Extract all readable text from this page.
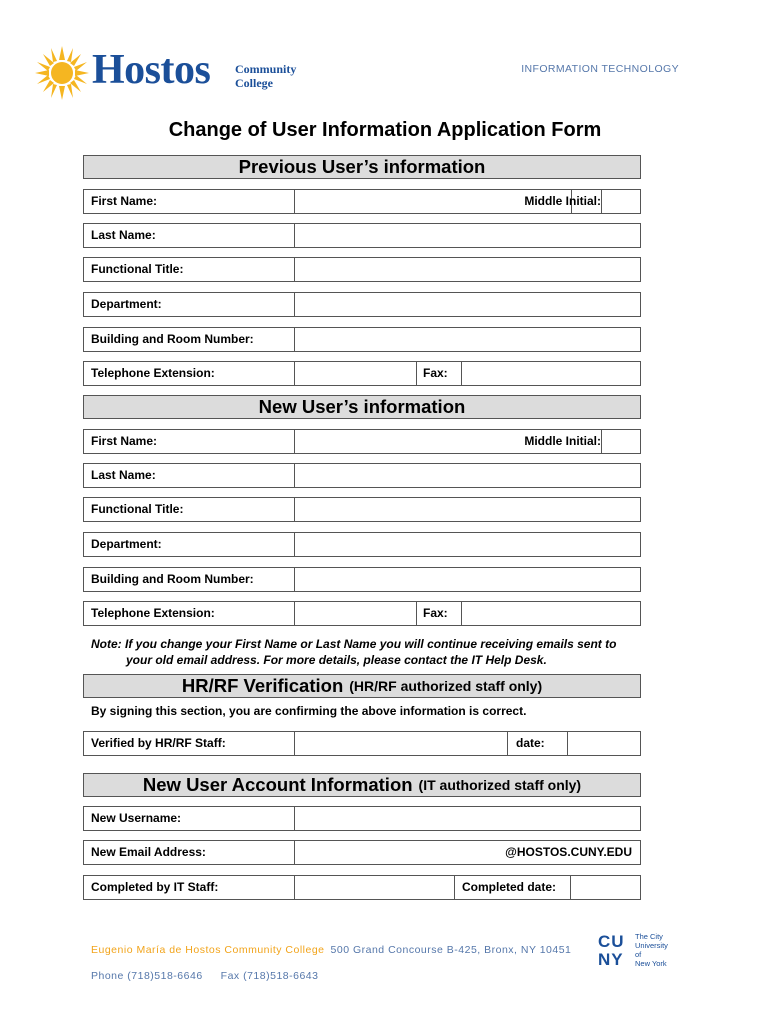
Hostos Community
College
INFORMATION TECHNOLOGY
Change of User Information Application Form
Previous User’s information
First Name:	Middle Initial:
Last Name:
Functional Title:
Department:
Building and Room Number:
Telephone Extension:	Fax:
New User’s information
First Name:	Middle Initial:
Last Name:
Functional Title:
Department:
Building and Room Number:
Telephone Extension:	Fax:
Note: If you change your First Name or Last Name you will continue receiving emails sent to
your old email address. For more details, please contact the IT Help Desk.
HR/RF Verification (HR/RF authorized staff only)
By signing this section, you are confirming the above information is correct.
Verified by HR/RF Staff:	date:
New User Account Information (IT authorized staff only)
New Username:
New Email Address:	@HOSTOS.CUNY.EDU
Completed by IT Staff:	Completed date:
Eugenio María de Hostos Community College 500 Grand Concourse B-425, Bronx, NY 10451
Phone (718)518-6646 Fax (718)518-6643
CU
NY
The City
University
of
New York
